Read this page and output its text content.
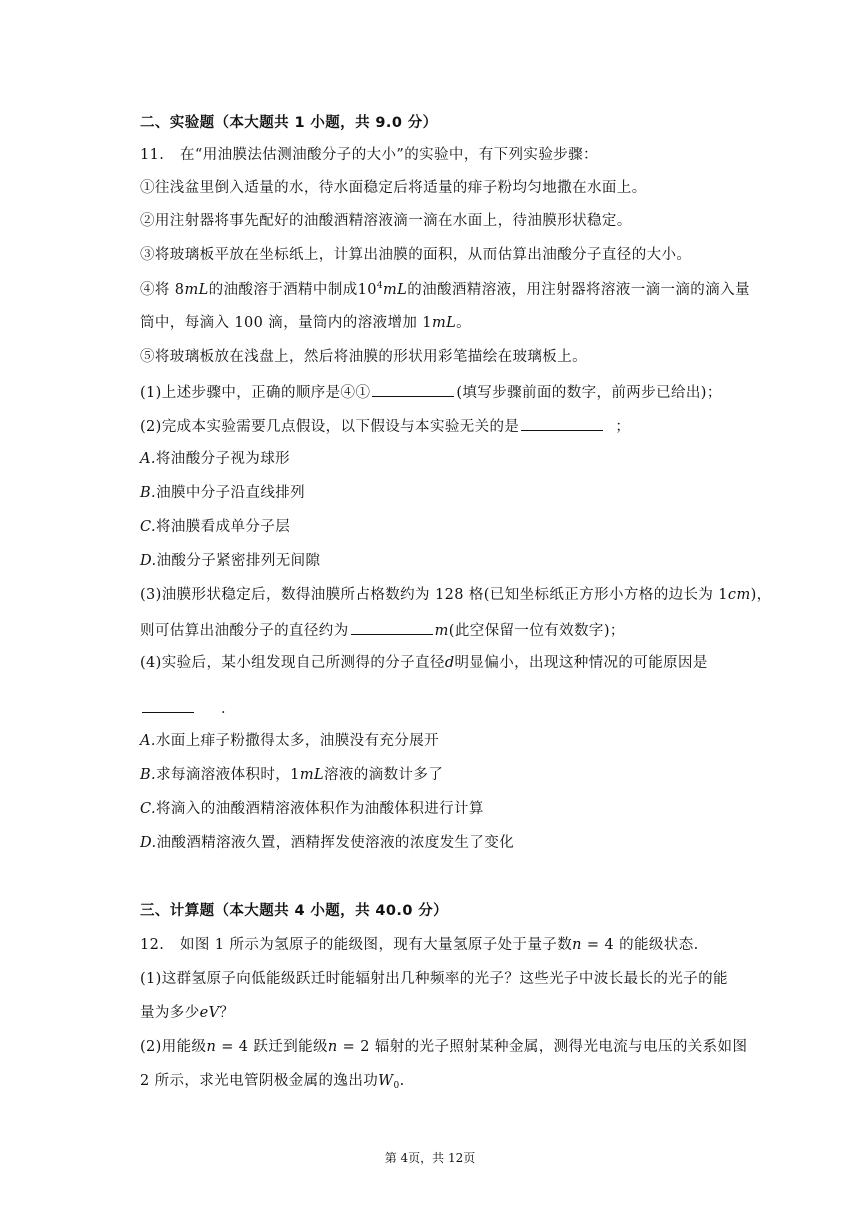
二、实验题（本大题共 1 小题，共 9.0 分）
11. 在“用油膜法估测油酸分子的大小”的实验中，有下列实验步骤：
①往浅盆里倒入适量的水，待水面稳定后将适量的痱子粉均匀地撒在水面上。
②用注射器将事先配好的油酸酒精溶液滴一滴在水面上，待油膜形状稳定。
③将玻璃板平放在坐标纸上，计算出油膜的面积，从而估算出油酸分子直径的大小。
④将 8mL的油酸溶于酒精中制成$10^4mL$的油酸酒精溶液，用注射器将溶液一滴一滴的滴入量
筒中，每滴入 100 滴，量筒内的溶液增加 1mL。
⑤将玻璃板放在浅盘上，然后将油膜的形状用彩笔描绘在玻璃板上。
(1)上述步骤中，正确的顺序是④①	(填写步骤前面的数字，前两步已给出)；
(2)完成本实验需要几点假设，以下假设与本实验无关的是	；
A.将油酸分子视为球形
B.油膜中分子沿直线排列
C.将油膜看成单分子层
D.油酸分子紧密排列无间隙
(3)油膜形状稳定后，数得油膜所占格数约为 128 格(已知坐标纸正方形小方格的边长为 1cm)，
则可估算出油酸分子的直径约为	m(此空保留一位有效数字)；
(4)实验后，某小组发现自己所测得的分子直径d明显偏小，出现这种情况的可能原因是
．
A.水面上痱子粉撒得太多，油膜没有充分展开
B.求每滴溶液体积时，1mL溶液的滴数计多了
C.将滴入的油酸酒精溶液体积作为油酸体积进行计算
D.油酸酒精溶液久置，酒精挥发使溶液的浓度发生了变化
三、计算题（本大题共 4 小题，共 40.0 分）
12. 如图 1 所示为氢原子的能级图，现有大量氢原子处于量子数n = 4 的能级状态.
(1)这群氢原子向低能级跃迁时能辐射出几种频率的光子？这些光子中波长最长的光子的能
量为多少eV？
(2)用能级n = 4 跃迁到能级n = 2 辐射的光子照射某种金属，测得光电流与电压的关系如图
2 所示，求光电管阴极金属的逸出功$W_0$.
第 4页，共 12页
